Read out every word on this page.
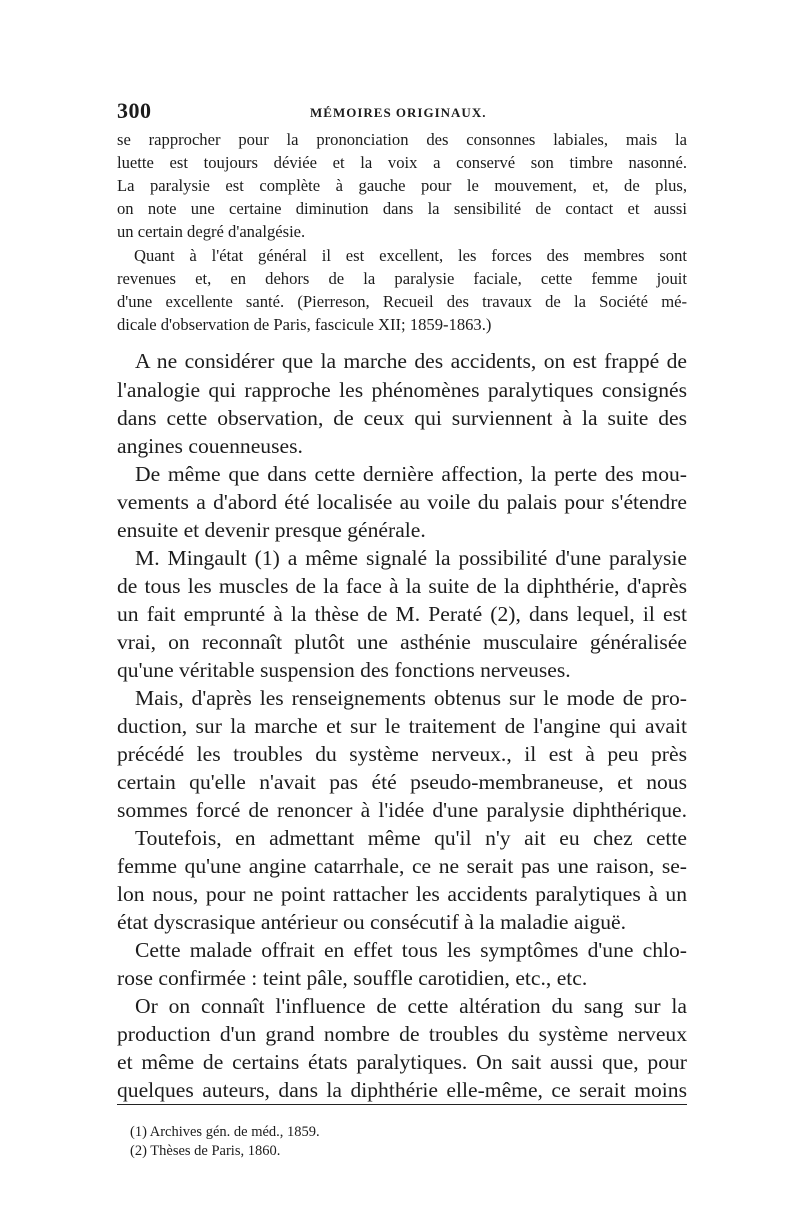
300	MÉMOIRES ORIGINAUX.
se rapprocher pour la prononciation des consonnes labiales, mais la
luette est toujours déviée et la voix a conservé son timbre nasonné.
La paralysie est complète à gauche pour le mouvement, et, de plus,
on note une certaine diminution dans la sensibilité de contact et aussi
un certain degré d'analgésie.
Quant à l'état général il est excellent, les forces des membres sont
revenues et, en dehors de la paralysie faciale, cette femme jouit
d'une excellente santé. (Pierreson, Recueil des travaux de la Société mé-
dicale d'observation de Paris, fascicule XII; 1859-1863.)
A ne considérer que la marche des accidents, on est frappé de
l'analogie qui rapproche les phénomènes paralytiques consignés
dans cette observation, de ceux qui surviennent à la suite des
angines couenneuses.
De même que dans cette dernière affection, la perte des mou-
vements a d'abord été localisée au voile du palais pour s'étendre
ensuite et devenir presque générale.
M. Mingault (1) a même signalé la possibilité d'une paralysie
de tous les muscles de la face à la suite de la diphthérie, d'après
un fait emprunté à la thèse de M. Peraté (2), dans lequel, il est
vrai, on reconnaît plutôt une asthénie musculaire généralisée
qu'une véritable suspension des fonctions nerveuses.
Mais, d'après les renseignements obtenus sur le mode de pro-
duction, sur la marche et sur le traitement de l'angine qui avait
précédé les troubles du système nerveux., il est à peu près
certain qu'elle n'avait pas été pseudo-membraneuse, et nous
sommes forcé de renoncer à l'idée d'une paralysie diphthérique.
Toutefois, en admettant même qu'il n'y ait eu chez cette
femme qu'une angine catarrhale, ce ne serait pas une raison, se-
lon nous, pour ne point rattacher les accidents paralytiques à un
état dyscrasique antérieur ou consécutif à la maladie aiguë.
Cette malade offrait en effet tous les symptômes d'une chlo-
rose confirmée : teint pâle, souffle carotidien, etc., etc.
Or on connaît l'influence de cette altération du sang sur la
production d'un grand nombre de troubles du système nerveux
et même de certains états paralytiques. On sait aussi que, pour
quelques auteurs, dans la diphthérie elle-même, ce serait moins
(1) Archives gén. de méd., 1859.
(2) Thèses de Paris, 1860.
